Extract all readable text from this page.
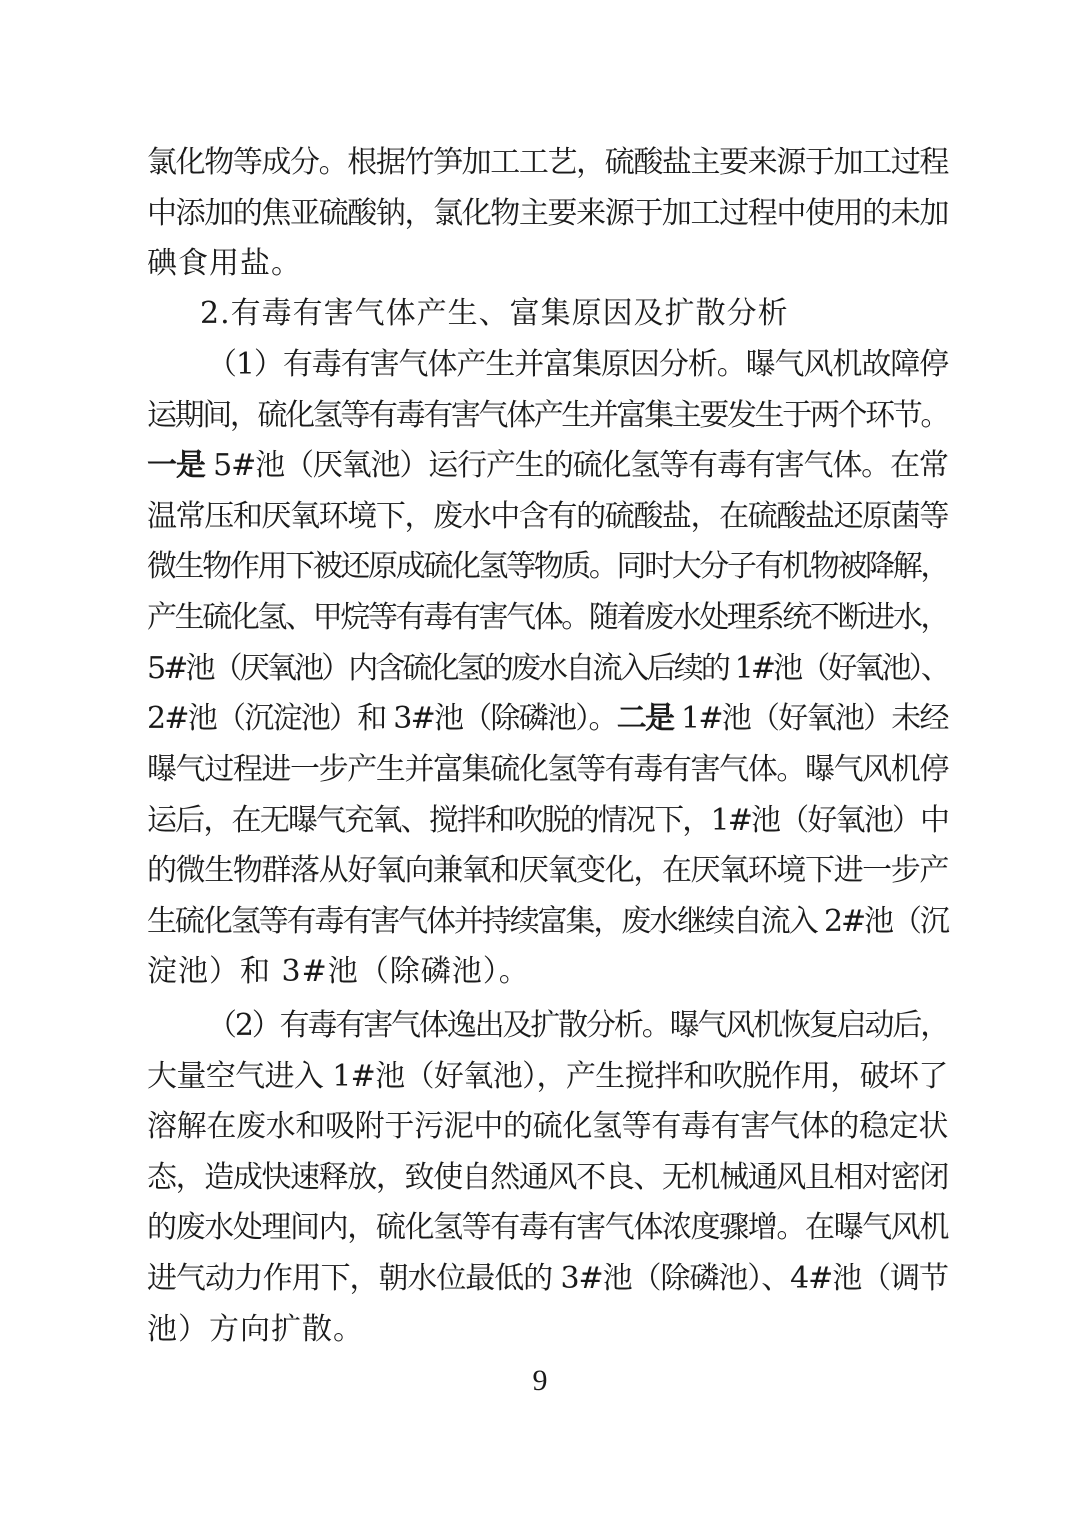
氯化物等成分。根据竹笋加工工艺，硫酸盐主要来源于加工过程
中添加的焦亚硫酸钠，氯化物主要来源于加工过程中使用的未加
碘食用盐。
2.有毒有害气体产生、富集原因及扩散分析
（1）有毒有害气体产生并富集原因分析。曝气风机故障停
运期间，硫化氢等有毒有害气体产生并富集主要发生于两个环节。
一是 5#池（厌氧池）运行产生的硫化氢等有毒有害气体。在常
温常压和厌氧环境下，废水中含有的硫酸盐，在硫酸盐还原菌等
微生物作用下被还原成硫化氢等物质。同时大分子有机物被降解，
产生硫化氢、甲烷等有毒有害气体。随着废水处理系统不断进水，
5#池（厌氧池）内含硫化氢的废水自流入后续的 1#池（好氧池）、
2#池（沉淀池）和 3#池（除磷池）。二是 1#池（好氧池）未经
曝气过程进一步产生并富集硫化氢等有毒有害气体。曝气风机停
运后，在无曝气充氧、搅拌和吹脱的情况下，1#池（好氧池）中
的微生物群落从好氧向兼氧和厌氧变化，在厌氧环境下进一步产
生硫化氢等有毒有害气体并持续富集，废水继续自流入 2#池（沉
淀池）和 3#池（除磷池）。
（2）有毒有害气体逸出及扩散分析。曝气风机恢复启动后，
大量空气进入 1#池（好氧池），产生搅拌和吹脱作用，破坏了
溶解在废水和吸附于污泥中的硫化氢等有毒有害气体的稳定状
态，造成快速释放，致使自然通风不良、无机械通风且相对密闭
的废水处理间内，硫化氢等有毒有害气体浓度骤增。在曝气风机
进气动力作用下，朝水位最低的 3#池（除磷池）、4#池（调节
池）方向扩散。
9
